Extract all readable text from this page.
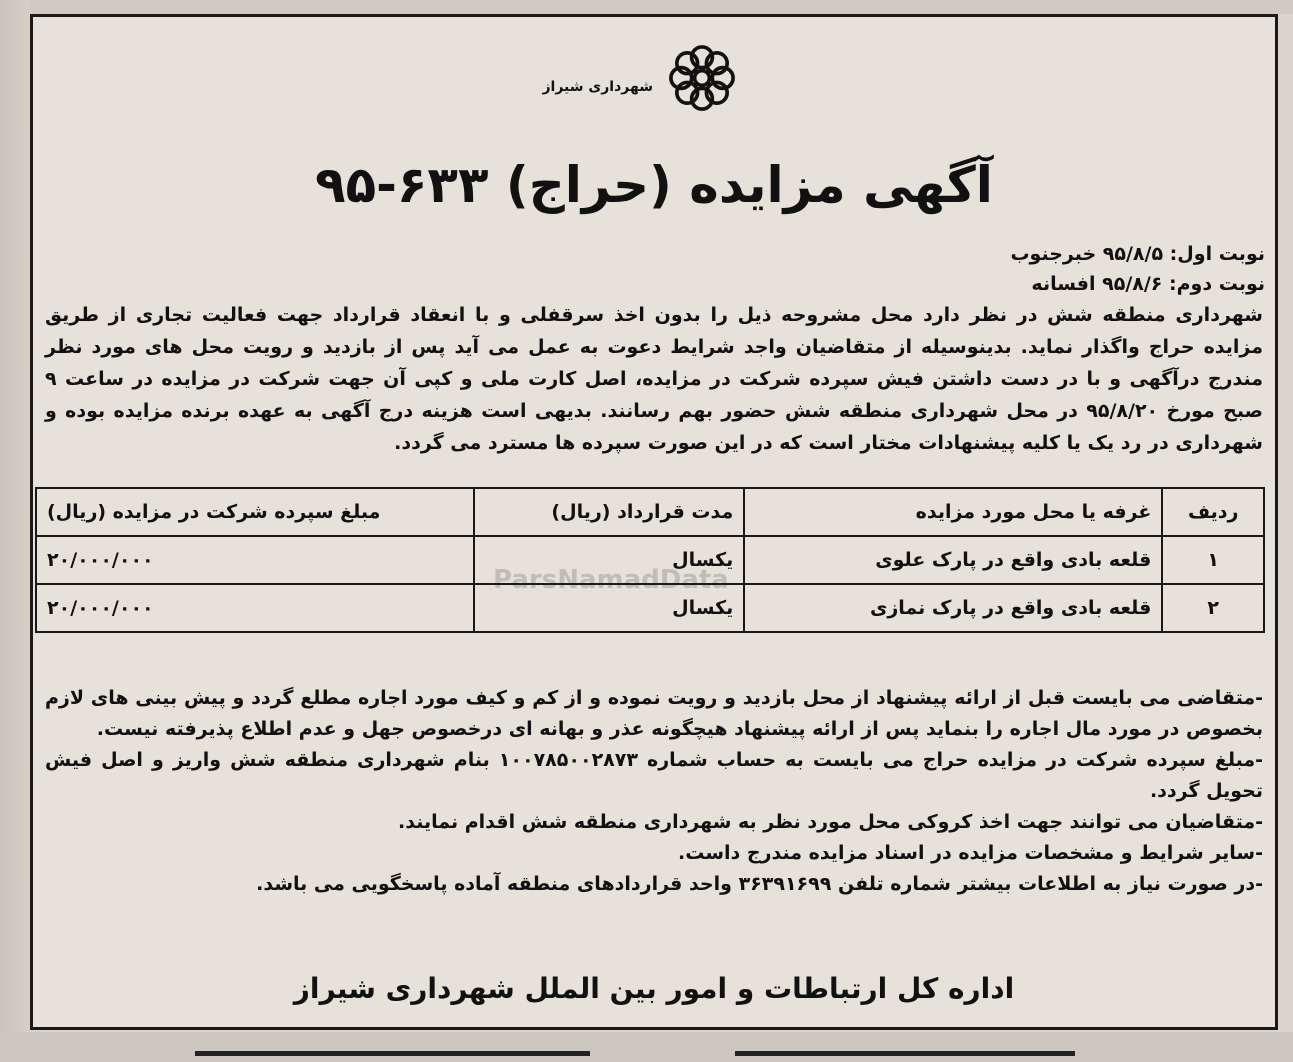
شهرداری شیراز
آگهی مزایده (حراج) ۶۳۳-۹۵
نوبت اول: ۹۵/۸/۵ خبرجنوب
نوبت دوم: ۹۵/۸/۶ افسانه
شهرداری منطقه شش در نظر دارد محل مشروحه ذیل را بدون اخذ سرقفلی و با انعقاد قرارداد جهت فعالیت تجاری از طریق مزایده حراج واگذار نماید. بدینوسیله از متقاضیان واجد شرایط دعوت به عمل می آید پس از بازدید و رویت محل های مورد نظر مندرج درآگهی و با در دست داشتن فیش سپرده شرکت در مزایده، اصل کارت ملی و کپی آن جهت شرکت در مزایده در ساعت ۹ صبح مورخ ۹۵/۸/۲۰ در محل شهرداری منطقه شش حضور بهم رسانند. بدیهی است هزینه درج آگهی به عهده برنده مزایده بوده و شهرداری در رد یک یا کلیه پیشنهادات مختار است که در این صورت سپرده ها مسترد می گردد.
ParsNamadData
ردیف	غرفه یا محل مورد مزایده	مدت قرارداد (ریال)	مبلغ سپرده شرکت در مزایده (ریال)
۱	قلعه بادی واقع در پارک علوی	یکسال	۲۰/۰۰۰/۰۰۰
۲	قلعه بادی واقع در پارک نمازی	یکسال	۲۰/۰۰۰/۰۰۰

-متقاضی می بایست قبل از ارائه پیشنهاد از محل بازدید و رویت نموده و از کم و کیف مورد اجاره مطلع گردد و پیش بینی های لازم بخصوص در مورد مال اجاره را بنماید پس از ارائه پیشنهاد هیچگونه عذر و بهانه ای درخصوص جهل و عدم اطلاع پذیرفته نیست.

-مبلغ سپرده شرکت در مزایده حراج می بایست به حساب شماره ۱۰۰۷۸۵۰۰۲۸۷۳ بنام شهرداری منطقه شش واریز و اصل فیش تحویل گردد.

-متقاضیان می توانند جهت اخذ کروکی محل مورد نظر به شهرداری منطقه شش اقدام نمایند.

-سایر شرایط و مشخصات مزایده در اسناد مزایده مندرج داست.

-در صورت نیاز به اطلاعات بیشتر شماره تلفن ۳۶۳۹۱۶۹۹ واحد قراردادهای منطقه آماده پاسخگویی می باشد.

اداره کل ارتباطات و امور بین الملل شهرداری شیراز
